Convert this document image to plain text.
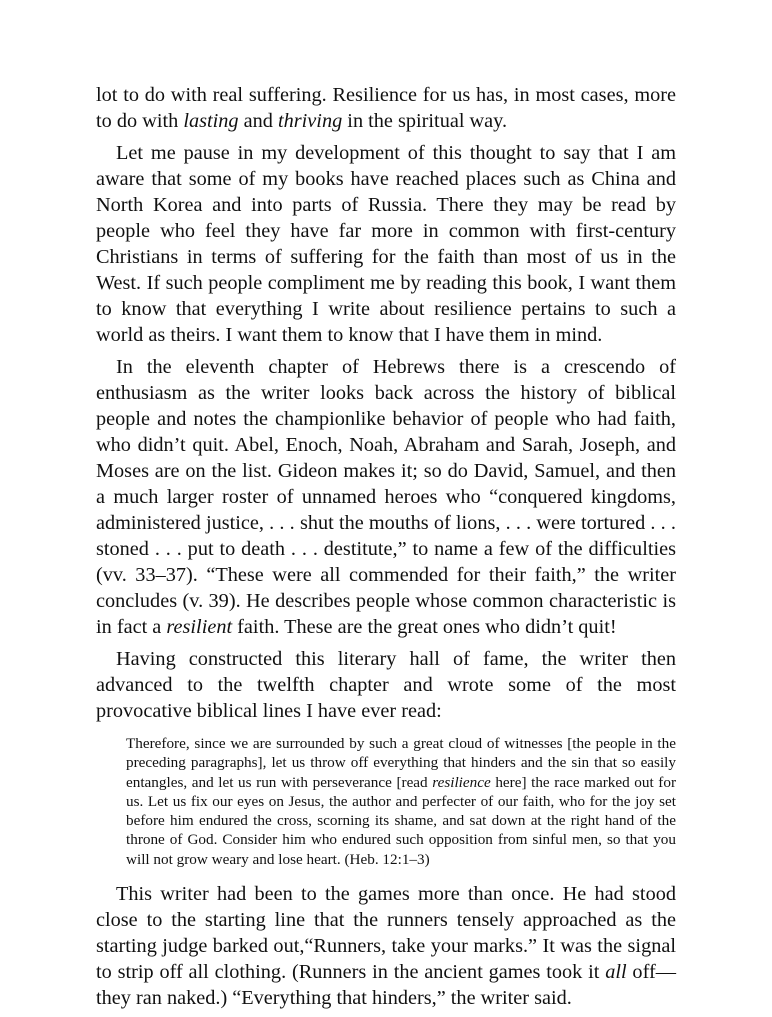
lot to do with real suffering. Resilience for us has, in most cases, more to do with lasting and thriving in the spiritual way.

Let me pause in my development of this thought to say that I am aware that some of my books have reached places such as China and North Korea and into parts of Russia. There they may be read by people who feel they have far more in common with first-century Christians in terms of suffering for the faith than most of us in the West. If such people compliment me by reading this book, I want them to know that everything I write about resilience pertains to such a world as theirs. I want them to know that I have them in mind.

In the eleventh chapter of Hebrews there is a crescendo of enthusiasm as the writer looks back across the history of biblical people and notes the championlike behavior of people who had faith, who didn’t quit. Abel, Enoch, Noah, Abraham and Sarah, Joseph, and Moses are on the list. Gideon makes it; so do David, Samuel, and then a much larger roster of unnamed heroes who “conquered kingdoms, administered justice, . . . shut the mouths of lions, . . . were tortured . . . stoned . . . put to death . . . destitute,” to name a few of the difficulties (vv. 33–37). “These were all commended for their faith,” the writer concludes (v. 39). He describes people whose common characteristic is in fact a resilient faith. These are the great ones who didn’t quit!

Having constructed this literary hall of fame, the writer then advanced to the twelfth chapter and wrote some of the most provocative biblical lines I have ever read:

Therefore, since we are surrounded by such a great cloud of witnesses [the people in the preceding paragraphs], let us throw off everything that hinders and the sin that so easily entangles, and let us run with perseverance [read resilience here] the race marked out for us. Let us fix our eyes on Jesus, the author and perfecter of our faith, who for the joy set before him endured the cross, scorning its shame, and sat down at the right hand of the throne of God. Consider him who endured such opposition from sinful men, so that you will not grow weary and lose heart. (Heb. 12:1–3)

This writer had been to the games more than once. He had stood close to the starting line that the runners tensely approached as the starting judge barked out,“Runners, take your marks.” It was the signal to strip off all clothing. (Runners in the ancient games took it all off—they ran naked.) “Everything that hinders,” the writer said.
